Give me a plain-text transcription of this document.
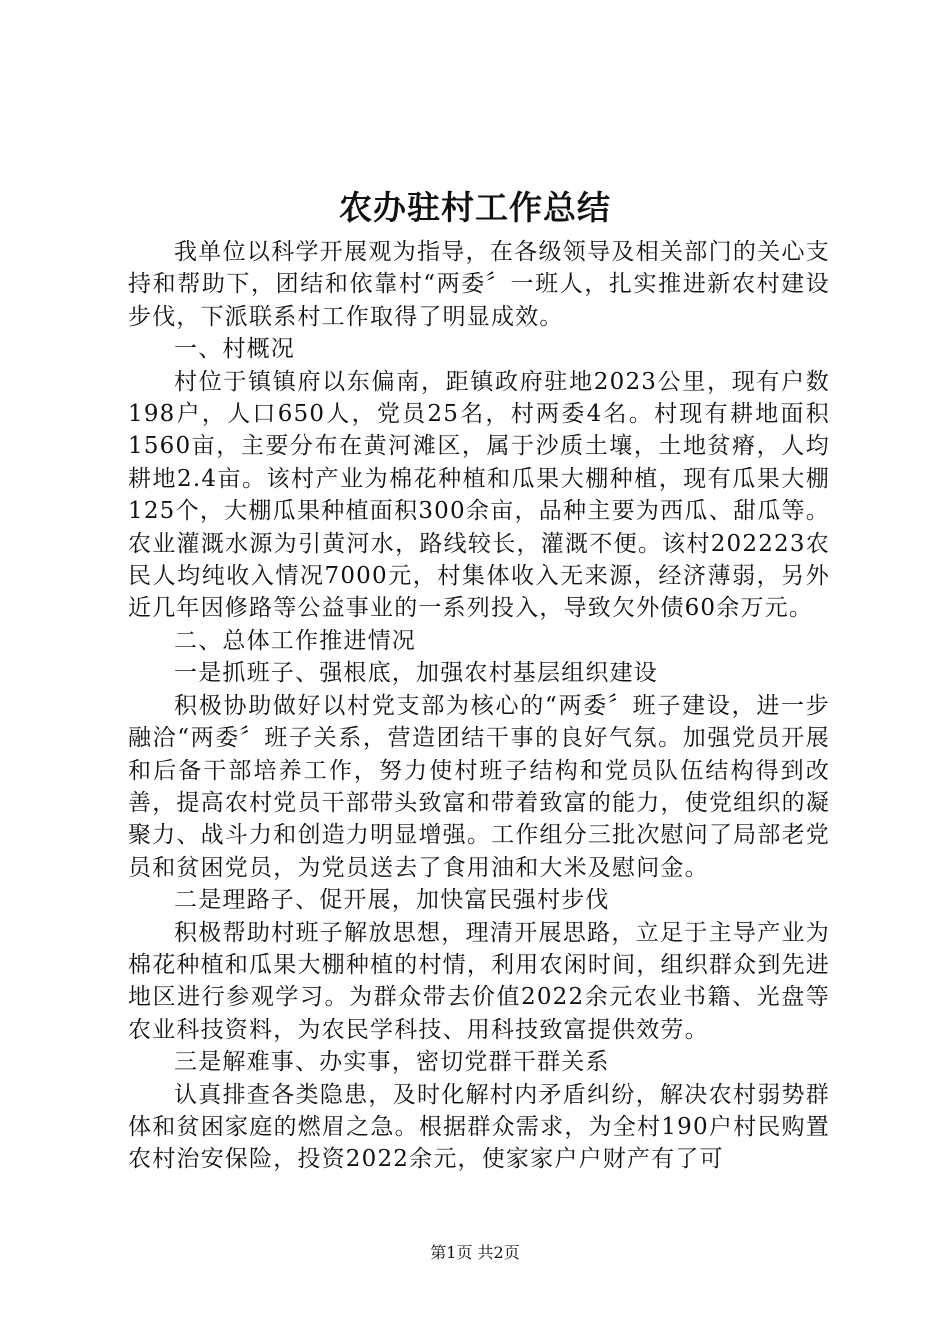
农办驻村工作总结

我单位以科学开展观为指导，在各级领导及相关部门的关心支持和帮助下，团结和依靠村“两委〞一班人，扎实推进新农村建设步伐，下派联系村工作取得了明显成效。

一、村概况

村位于镇镇府以东偏南，距镇政府驻地2023公里，现有户数198户，人口650人，党员25名，村两委4名。村现有耕地面积1560亩，主要分布在黄河滩区，属于沙质土壤，土地贫瘠，人均耕地2.4亩。该村产业为棉花种植和瓜果大棚种植，现有瓜果大棚125个，大棚瓜果种植面积300余亩，品种主要为西瓜、甜瓜等。农业灌溉水源为引黄河水，路线较长，灌溉不便。该村202223农民人均纯收入情况7000元，村集体收入无来源，经济薄弱，另外近几年因修路等公益事业的一系列投入，导致欠外债60余万元。

二、总体工作推进情况

一是抓班子、强根底，加强农村基层组织建设

积极协助做好以村党支部为核心的“两委〞班子建设，进一步融洽“两委〞班子关系，营造团结干事的良好气氛。加强党员开展和后备干部培养工作，努力使村班子结构和党员队伍结构得到改善，提高农村党员干部带头致富和带着致富的能力，使党组织的凝聚力、战斗力和创造力明显增强。工作组分三批次慰问了局部老党员和贫困党员，为党员送去了食用油和大米及慰问金。

二是理路子、促开展，加快富民强村步伐

积极帮助村班子解放思想，理清开展思路，立足于主导产业为棉花种植和瓜果大棚种植的村情，利用农闲时间，组织群众到先进地区进行参观学习。为群众带去价值2022余元农业书籍、光盘等农业科技资料，为农民学科技、用科技致富提供效劳。

三是解难事、办实事，密切党群干群关系

认真排查各类隐患，及时化解村内矛盾纠纷，解决农村弱势群体和贫困家庭的燃眉之急。根据群众需求，为全村190户村民购置农村治安保险，投资2022余元，使家家户户财产有了可

第1页 共2页
